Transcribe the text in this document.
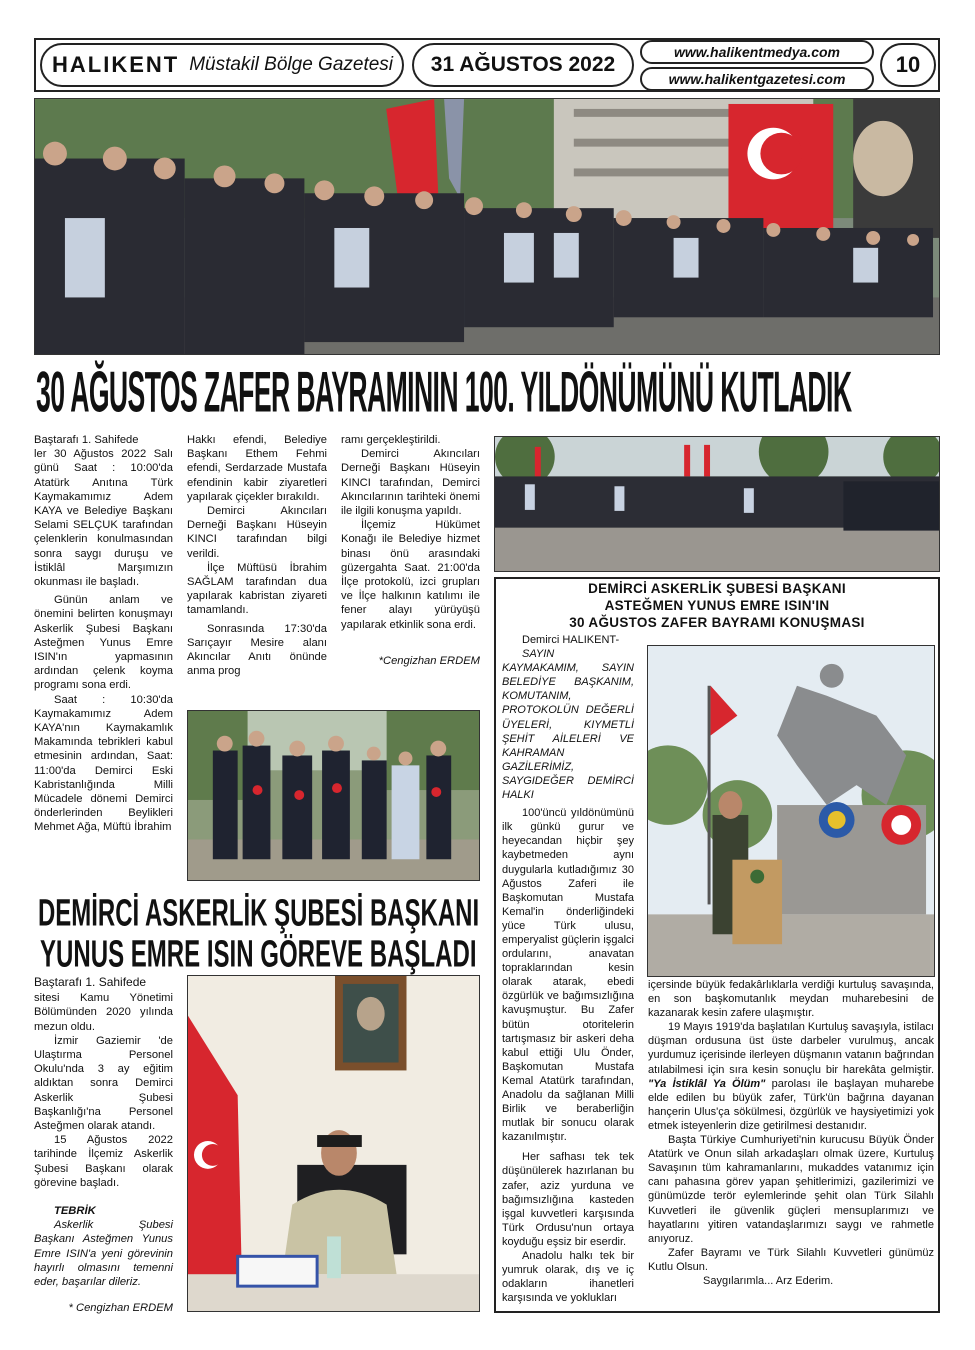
HALIKENT Müstakil Bölge Gazetesi	31 AĞUSTOS 2022
www.halikentmedya.com
www.halikentgazetesi.com
10
30 AĞUSTOS ZAFER BAYRAMININ 100. YILDÖNÜMÜNÜ KUTLADIK

Baştarafı 1. Sahifede

ler 30 Ağustos 2022 Salı günü Saat : 10:00'da Atatürk Anıtına Türk Kaymakamımız Adem KAYA ve Belediye Başkanı Selami SELÇUK tarafından çelenklerin konulmasından sonra saygı duruşu ve İstiklâl Marşımızın okunması ile başladı.

Günün anlam ve önemini belirten konuşmayı Askerlik Şubesi Başkanı Asteğmen Yunus Emre ISIN'ın yapmasının ardından çelenk koyma programı sona erdi.

Saat : 10:30'da Kaymakamımız Adem KAYA'nın Kaymakamlık Makamında tebrikleri kabul etmesinin ardından, Saat: 11:00'da Demirci Eski Kabristanlığında Milli Mücadele dönemi Demirci önderlerinden Beylikleri Mehmet Ağa, Müftü İbrahim

Hakkı efendi, Belediye Başkanı Ethem Fehmi efendi, Serdarzade Mustafa efendinin kabir ziyaretleri yapılarak çiçekler bırakıldı.

Demirci Akıncıları Derneği Başkanı Hüseyin KINCI tarafından bilgi verildi.

İlçe Müftüsü İbrahim SAĞLAM tarafından dua yapılarak kabristan ziyareti tamamlandı.

Sonrasında 17:30'da Sarıçayır Mesire alanı Akıncılar Anıtı önünde anma prog

ramı gerçekleştirildi.

Demirci Akıncıları Derneği Başkanı Hüseyin KINCI tarafından, Demirci Akıncılarının tarihteki önemi ile ilgili konuşma yapıldı.

İlçemiz Hükümet Konağı ile Belediye hizmet binası önü arasındaki güzergahta Saat. 21:00'da İlçe protokolü, izci grupları ve İlçe halkının katılımı ile fener alayı yürüyüşü yapılarak etkinlik sona erdi.

*Cengizhan ERDEM

DEMİRCİ ASKERLİK ŞUBESİ BAŞKANI
YUNUS EMRE ISIN GÖREVE BAŞLADI

Baştarafı 1. Sahifede

sitesi Kamu Yönetimi Bölümünden 2020 yılında mezun oldu.

İzmir Gaziemir 'de Ulaştırma Personel Okulu'nda 3 ay eğitim aldıktan sonra Demirci Askerlik Şubesi Başkanlığı'na Personel Asteğmen olarak atandı.

15 Ağustos 2022 tarihinde İlçemiz Askerlik Şubesi Başkanı olarak görevine başladı.

TEBRİK

Askerlik Şubesi Başkanı Asteğmen Yunus Emre ISIN'a yeni görevinin hayırlı olmasını temenni eder, başarılar dileriz.

* Cengizhan ERDEM

DEMİRCİ ASKERLİK ŞUBESİ BAŞKANI
ASTEĞMEN YUNUS EMRE ISIN'IN
30 AĞUSTOS ZAFER BAYRAMI KONUŞMASI

Demirci HALIKENT-

SAYIN KAYMAKAMIM, SAYIN BELEDİYE BAŞKANIM, KOMUTANIM, PROTOKOLÜN DEĞERLİ ÜYELERİ, KIYMETLİ ŞEHİT AİLELERİ VE KAHRAMAN GAZİLERİMİZ, SAYGIDEĞER DEMİRCİ HALKI

100'üncü yıldönümünü ilk günkü gurur ve heyecandan hiçbir şey kaybetmeden aynı duygularla kutladığımız 30 Ağustos Zaferi ile Başkomutan Mustafa Kemal'in önderliğindeki yüce Türk ulusu, emperyalist güçlerin işgalci ordularını, anavatan topraklarından kesin olarak atarak, ebedi özgürlük ve bağımsızlığına kavuşmuştur. Bu Zafer bütün otoritelerin tartışmasız bir askeri deha kabul ettiği Ulu Önder, Başkomutan Mustafa Kemal Atatürk tarafından, Anadolu da sağlanan Milli Birlik ve beraberliğin mutlak bir sonucu olarak kazanılmıştır.

Her safhası tek tek düşünülerek hazırlanan bu zafer, aziz yurduna ve bağımsızlığına kasteden işgal kuvvetleri karşısında Türk Ordusu'nun ortaya koyduğu eşsiz bir eserdir.

Anadolu halkı tek bir yumruk olarak, dış ve iç odakların ihanetleri karşısında ve yoklukları

içersinde büyük fedakârlıklarla verdiği kurtuluş savaşında, en son başkomutanlık meydan muharebesini de kazanarak kesin zafere ulaşmıştır.

19 Mayıs 1919'da başlatılan Kurtuluş savaşıyla, istilacı düşman ordusuna üst üste darbeler vurulmuş, ancak yurdumuz içerisinde ilerleyen düşmanın vatanın bağrından atılabilmesi için sıra kesin sonuçlu bir harekâta gelmiştir. "Ya İstiklâl Ya Ölüm" parolası ile başlayan muharebe elde edilen bu büyük zafer, Türk'ün bağrına dayanan hançerin Ulus'ça sökülmesi, özgürlük ve haysiyetimizi yok etmek isteyenlerin dize getirilmesi destanıdır.

Başta Türkiye Cumhuriyeti'nin kurucusu Büyük Önder Atatürk ve Onun silah arkadaşları olmak üzere, Kurtuluş Savaşının tüm kahramanlarını, mukaddes vatanımız için canı pahasına görev yapan şehitlerimizi, gazilerimizi ve günümüzde terör eylemlerinde şehit olan Türk Silahlı Kuvvetleri ile güvenlik güçleri mensuplarımızı ve hayatlarını yitiren vatandaşlarımızı saygı ve rahmetle anıyoruz.

Zafer Bayramı ve Türk Silahlı Kuvvetleri günümüz Kutlu Olsun.

Saygılarımla... Arz Ederim.
